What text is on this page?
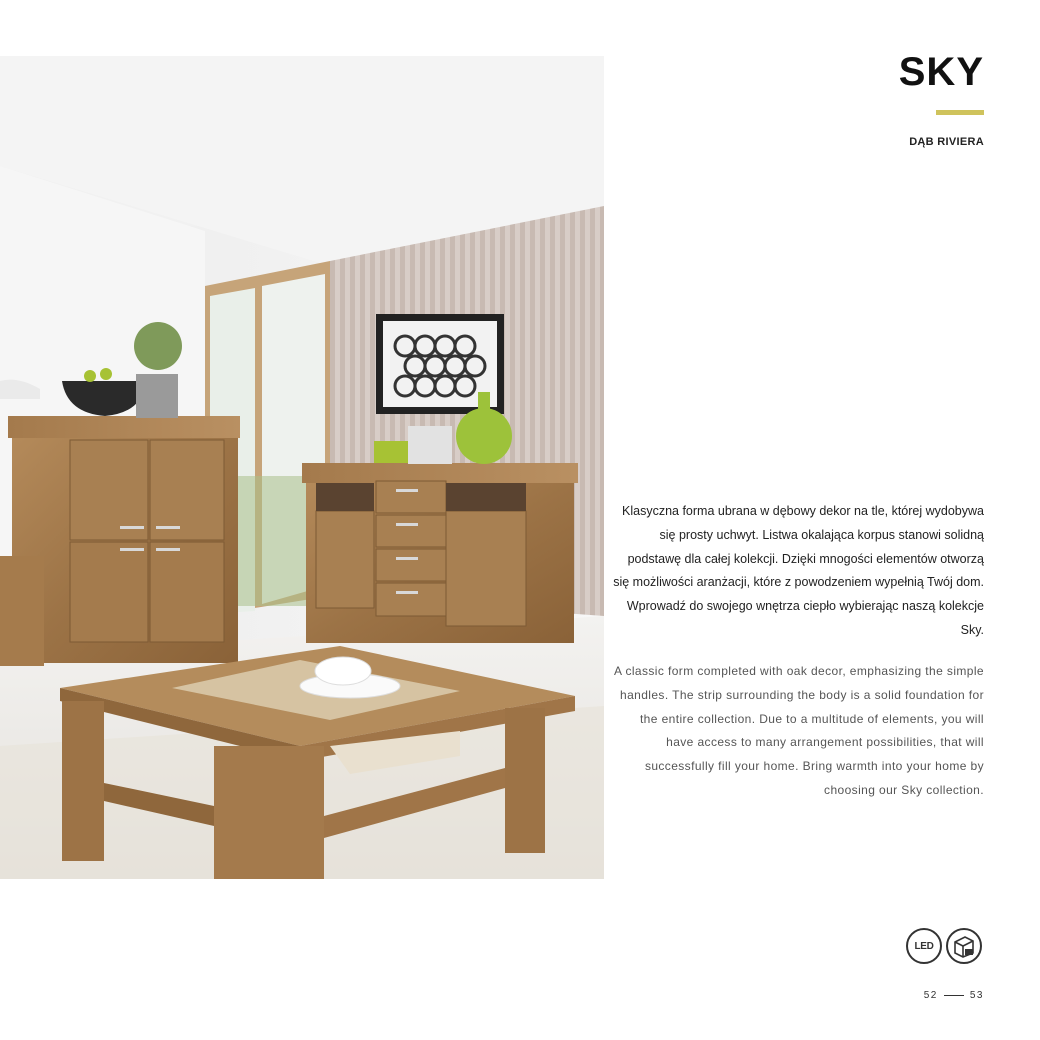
SKY
DĄB RIVIERA

Klasyczna forma ubrana w dębowy dekor na tle, której wydobywa się prosty uchwyt. Listwa okalająca korpus stanowi solidną podstawę dla całej kolekcji. Dzięki mnogości elementów otworzą się możliwości aranżacji, które z powodzeniem wypełnią Twój dom. Wprowadź do swojego wnętrza ciepło wybierając naszą kolekcje Sky.

A classic form completed with oak decor, emphasizing the simple handles. The strip surrounding the body is a solid foundation for the entire collection. Due to a multitude of elements, you will have access to many arrangement possibilities, that will successfully fill your home. Bring warmth into your home by choosing our Sky collection.

LED
52	53
